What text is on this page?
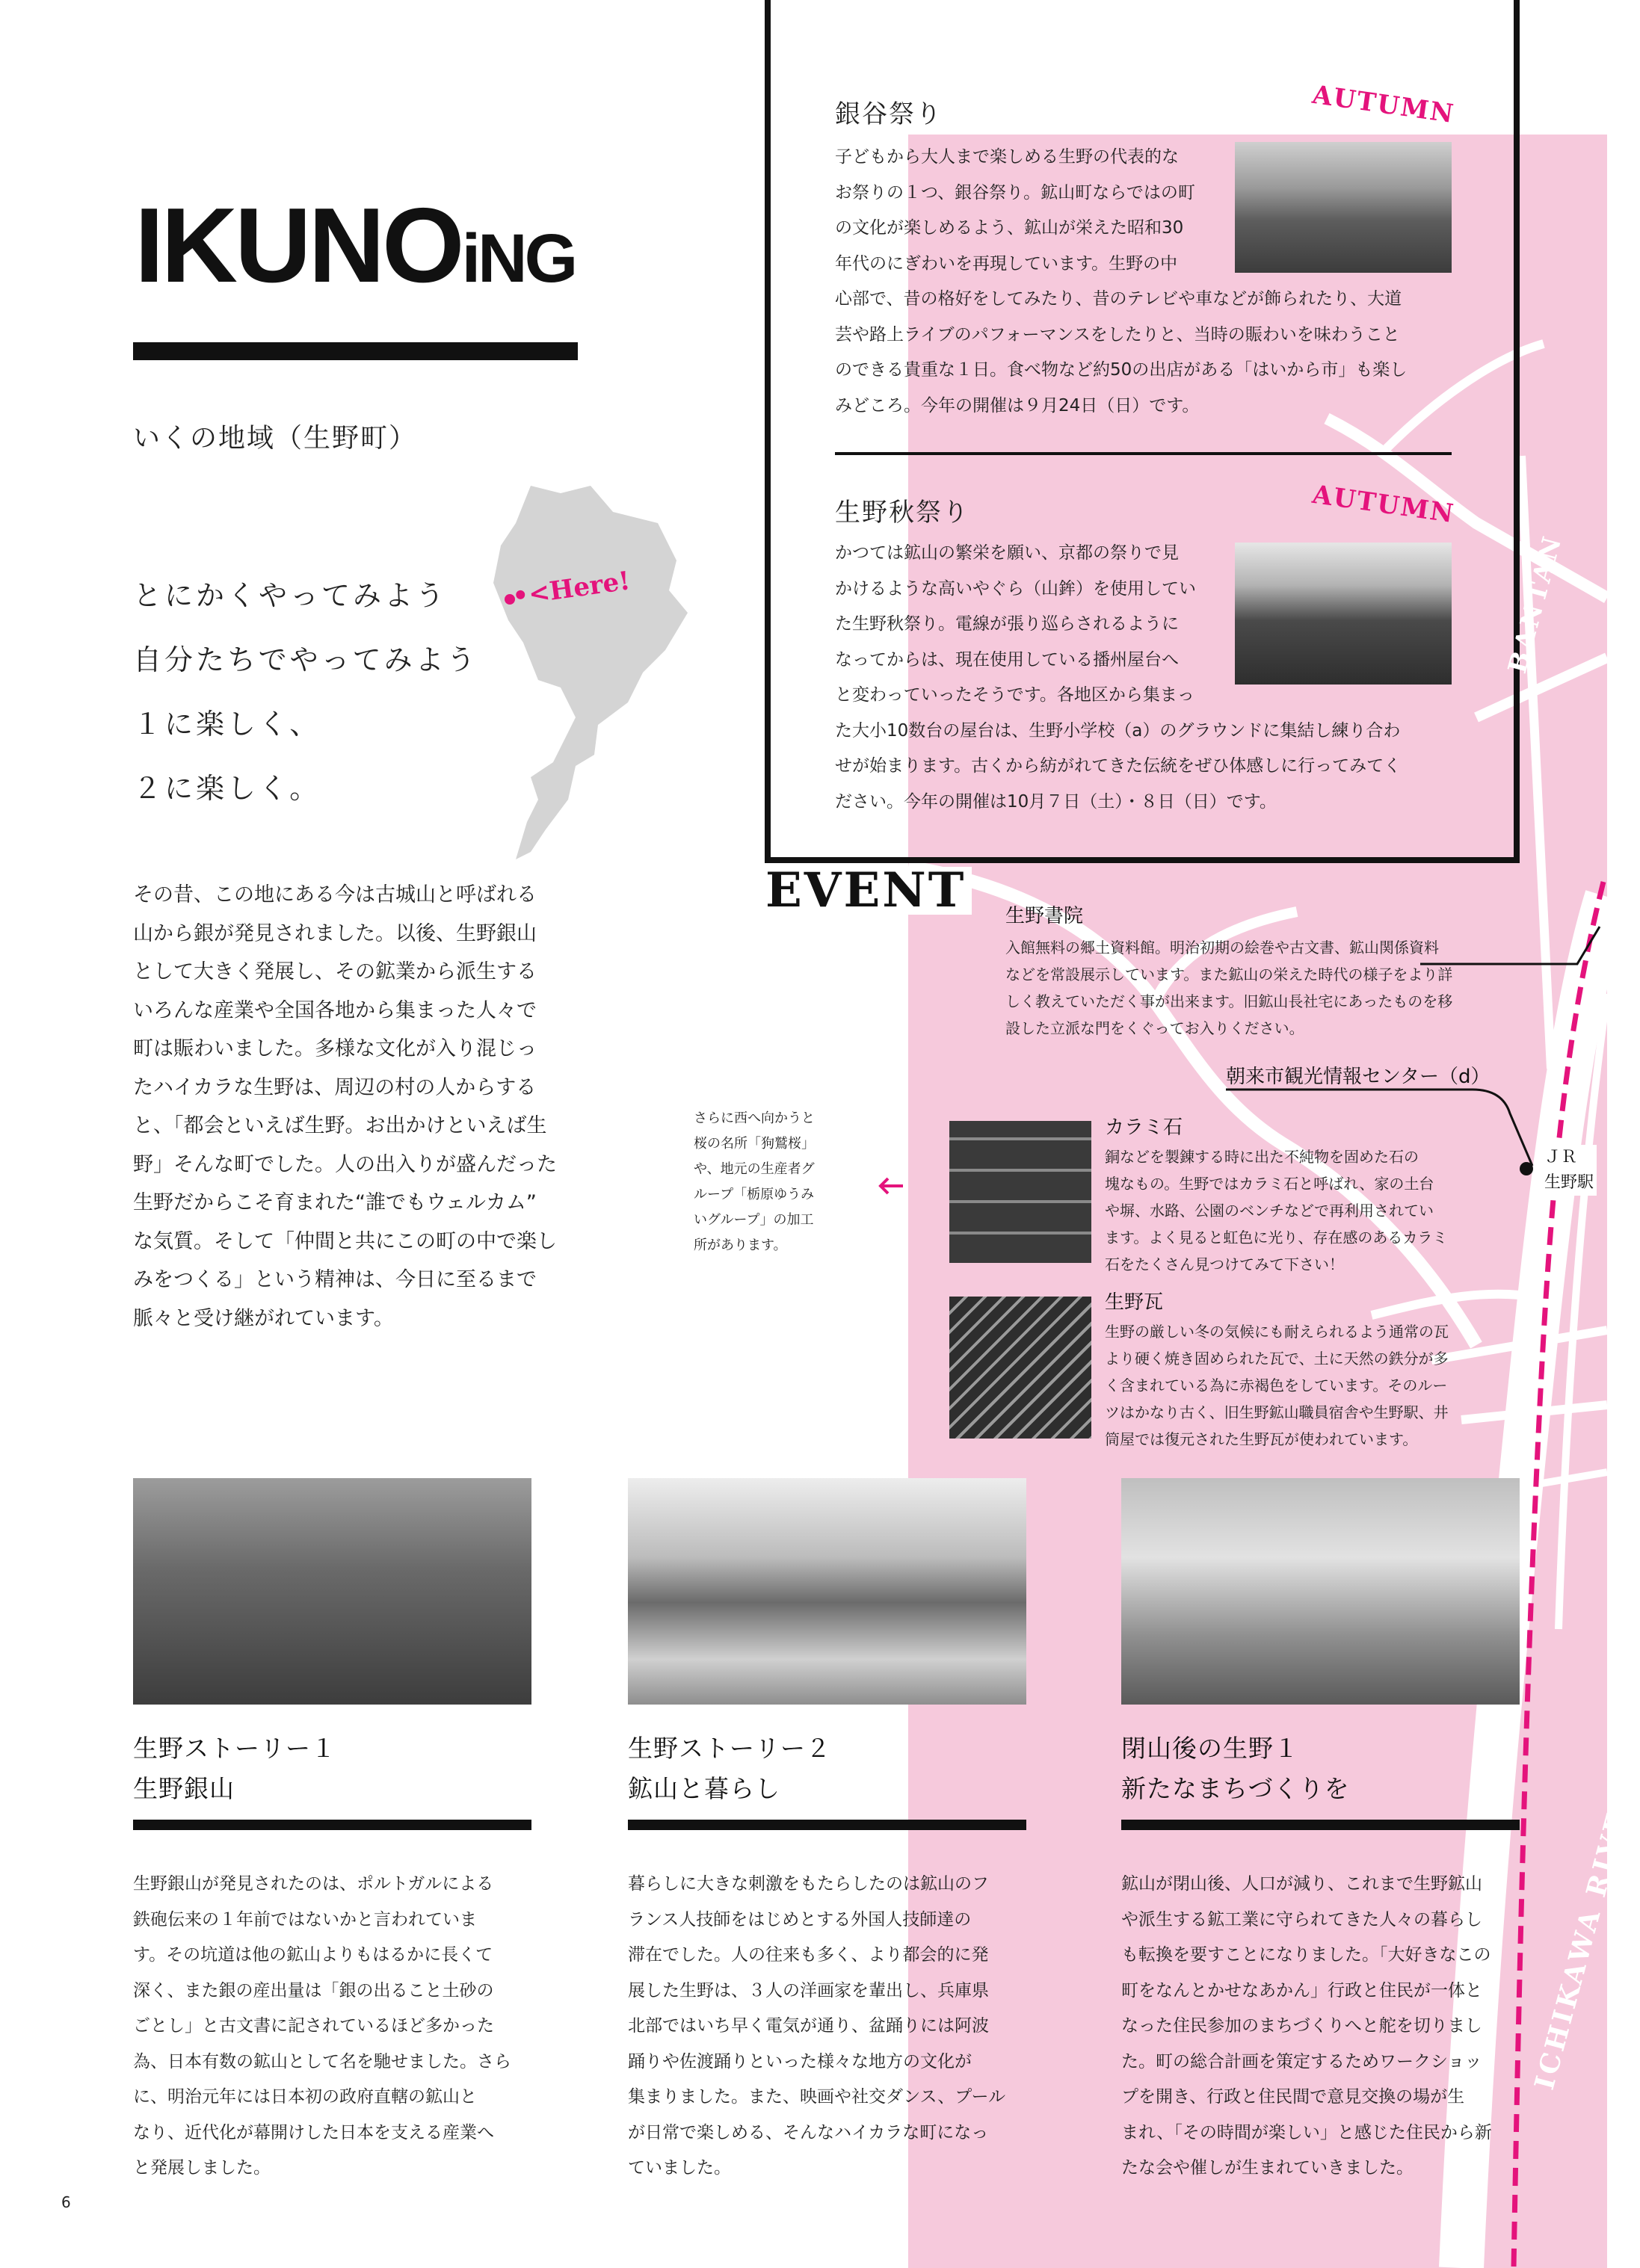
IKUNOiNG
いくの地域（生野町）
•<Here!
とにかくやってみよう
自分たちでやってみよう
１に楽しく、
２に楽しく。
その昔、この地にある今は古城山と呼ばれる
山から銀が発見されました。以後、生野銀山
として大きく発展し、その鉱業から派生する
いろんな産業や全国各地から集まった人々で
町は賑わいました。多様な文化が入り混じっ
たハイカラな生野は、周辺の村の人からする
と、「都会といえば生野。お出かけといえば生
野」そんな町でした。人の出入りが盛んだった
生野だからこそ育まれた“誰でもウェルカム”
な気質。そして「仲間と共にこの町の中で楽し
みをつくる」という精神は、今日に至るまで
脈々と受け継がれています。
EVENT
銀谷祭り	AUTUMN
子どもから大人まで楽しめる生野の代表的な
お祭りの１つ、銀谷祭り。鉱山町ならではの町
の文化が楽しめるよう、鉱山が栄えた昭和30
年代のにぎわいを再現しています。生野の中
心部で、昔の格好をしてみたり、昔のテレビや車などが飾られたり、大道
芸や路上ライブのパフォーマンスをしたりと、当時の賑わいを味わうこと
のできる貴重な１日。食べ物など約50の出店がある「はいから市」も楽し
みどころ。今年の開催は９月24日（日）です。
生野秋祭り	AUTUMN
かつては鉱山の繁栄を願い、京都の祭りで見
かけるような高いやぐら（山鉾）を使用してい
た生野秋祭り。電線が張り巡らされるように
なってからは、現在使用している播州屋台へ
と変わっていったそうです。各地区から集まっ
た大小10数台の屋台は、生野小学校（a）のグラウンドに集結し練り合わ
せが始まります。古くから紡がれてきた伝統をぜひ体感しに行ってみてく
ださい。今年の開催は10月７日（土）・８日（日）です。
生野書院
入館無料の郷土資料館。明治初期の絵巻や古文書、鉱山関係資料
などを常設展示しています。また鉱山の栄えた時代の様子をより詳
しく教えていただく事が出来ます。旧鉱山長社宅にあったものを移
設した立派な門をくぐってお入りください。
朝来市観光情報センター（d）
ＪＲ
生野駅
さらに西へ向かうと
桜の名所「狗鷲桜」
や、地元の生産者グ
ループ「栃原ゆうみ
いグループ」の加工
所があります。
カラミ石
銅などを製錬する時に出た不純物を固めた石の
塊なもの。生野ではカラミ石と呼ばれ、家の土台
や塀、水路、公園のベンチなどで再利用されてい
ます。よく見ると虹色に光り、存在感のあるカラミ
石をたくさん見つけてみて下さい！
生野瓦
生野の厳しい冬の気候にも耐えられるよう通常の瓦
より硬く焼き固められた瓦で、土に天然の鉄分が多
く含まれている為に赤褐色をしています。そのルー
ツはかなり古く、旧生野鉱山職員宿舎や生野駅、井
筒屋では復元された生野瓦が使われています。
BANTAN
ICHIKAWA RIVER
生野ストーリー１
生野銀山
生野ストーリー２
鉱山と暮らし
閉山後の生野１
新たなまちづくりを
生野銀山が発見されたのは、ポルトガルによる
鉄砲伝来の１年前ではないかと言われていま
す。その坑道は他の鉱山よりもはるかに長くて
深く、また銀の産出量は「銀の出ること土砂の
ごとし」と古文書に記されているほど多かった
為、日本有数の鉱山として名を馳せました。さら
に、明治元年には日本初の政府直轄の鉱山と
なり、近代化が幕開けした日本を支える産業へ
と発展しました。
暮らしに大きな刺激をもたらしたのは鉱山のフ
ランス人技師をはじめとする外国人技師達の
滞在でした。人の往来も多く、より都会的に発
展した生野は、３人の洋画家を輩出し、兵庫県
北部ではいち早く電気が通り、盆踊りには阿波
踊りや佐渡踊りといった様々な地方の文化が
集まりました。また、映画や社交ダンス、プール
が日常で楽しめる、そんなハイカラな町になっ
ていました。
鉱山が閉山後、人口が減り、これまで生野鉱山
や派生する鉱工業に守られてきた人々の暮らし
も転換を要すことになりました。「大好きなこの
町をなんとかせなあかん」行政と住民が一体と
なった住民参加のまちづくりへと舵を切りまし
た。町の総合計画を策定するためワークショッ
プを開き、行政と住民間で意見交換の場が生
まれ、「その時間が楽しい」と感じた住民から新
たな会や催しが生まれていきました。
6
